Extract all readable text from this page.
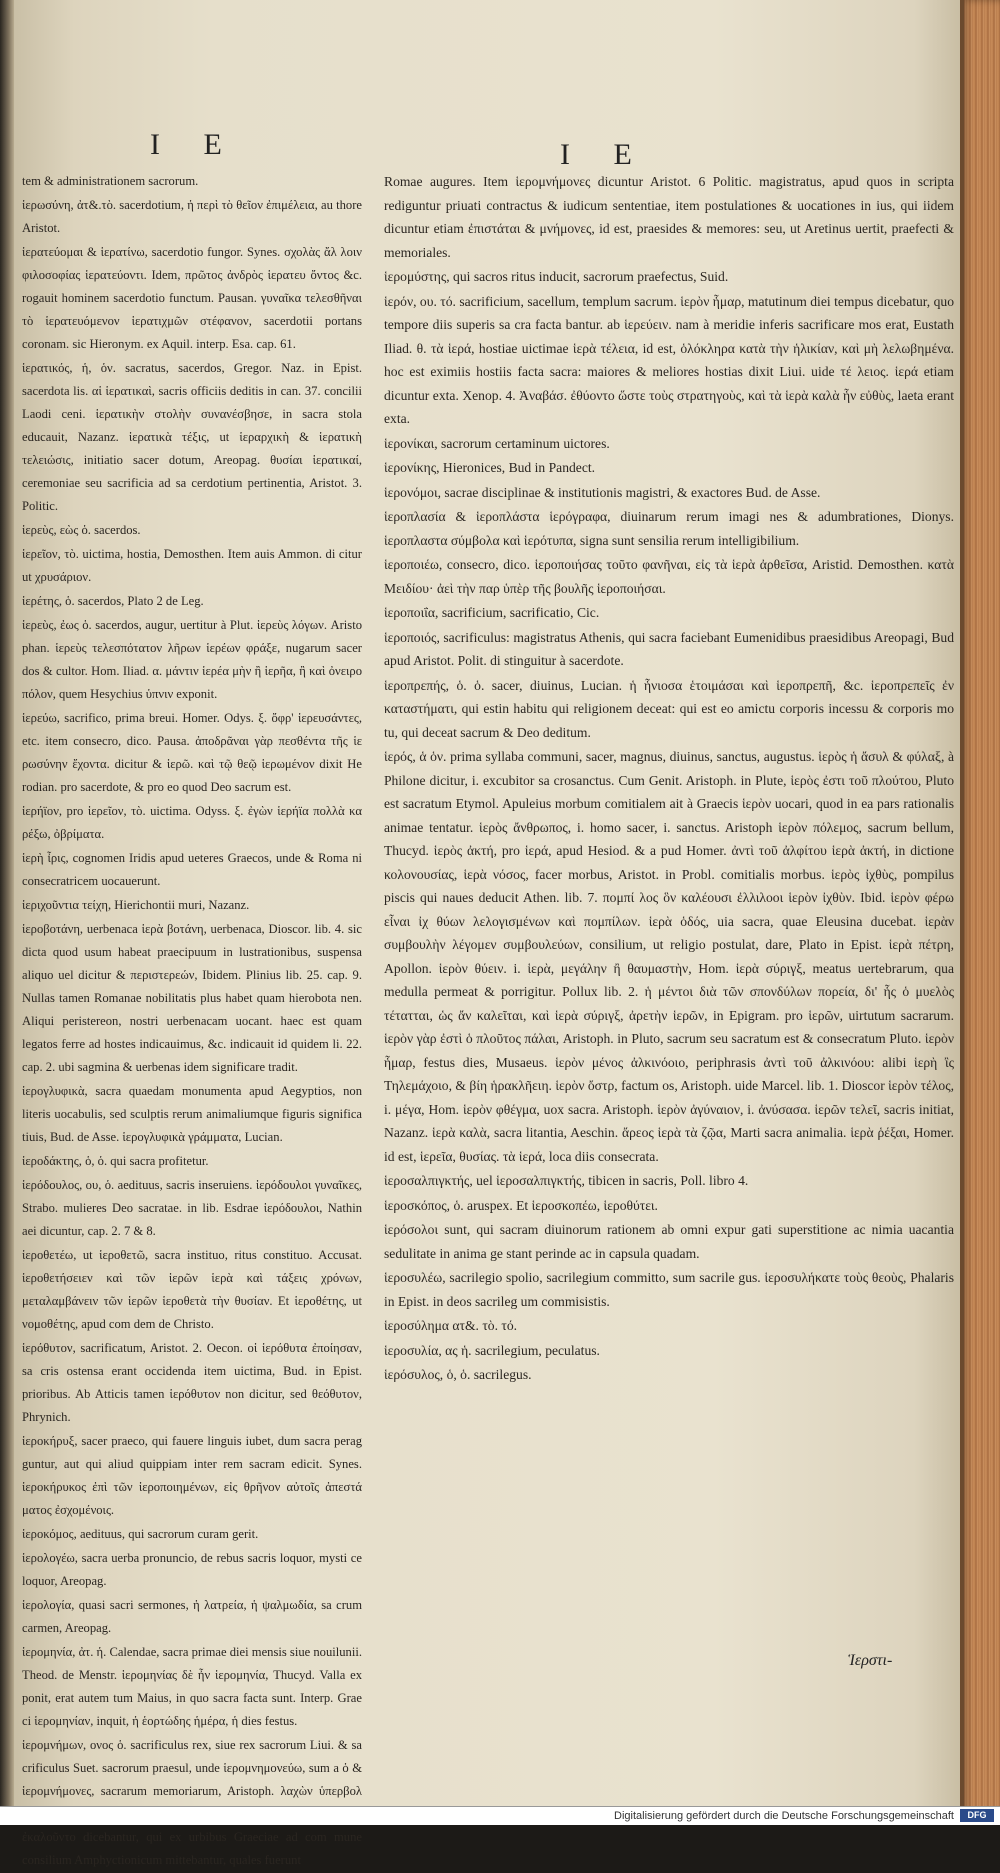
I E	I E
tem & administrationem sacrorum.
ἱερωσύνη, ἀτ&.τὸ. sacerdotium, ἡ περὶ τὸ θεῖον ἐπιμέλεια, au thore Aristot.
ἱερατεύομαι & ἱερατίνω, sacerdotio fungor. Synes. σχολὰς ἄλ λοιν φιλοσοφίας ἱερατεύοντι. Idem, πρῶτος ἀνδρὸς ἱερατευ ὄντος &c. rogauit hominem sacerdotio functum. Pausan. γυναῖκα τελεσθῆναι τὸ ἱερατευόμενον ἱερατιχμῶν στέφανον, sacerdotii portans coronam. sic Hieronym. ex Aquil. interp. Esa. cap. 61.
ἱερατικός, ἡ, ὁν. sacratus, sacerdos, Gregor. Naz. in Epist. sacerdota lis. αἱ ἱερατικαὶ, sacris officiis deditis in can. 37. concilii Laodi ceni. ἱερατικὴν στολὴν συνανέσβησε, in sacra stola educauit, Nazanz. ἱερατικὰ τέξις, ut ἱεραρχικὴ & ἱερατικὴ τελειώσις, initiatio sacer dotum, Areopag. θυσίαι ἱερατικαί, ceremoniae seu sacrificia ad sa cerdotium pertinentia, Aristot. 3. Politic.
ἱερεὺς, εὼς ὁ. sacerdos.
ἱερεῖον, τὸ. uictima, hostia, Demosthen. Item auis Ammon. di citur ut χρυσάριον.
ἱερέτης, ὁ. sacerdos, Plato 2 de Leg.
ἱερεὺς, ἐως ὁ. sacerdos, augur, uertitur à Plut. ἱερεὺς λόγων. Aristo phan. ἱερεὺς τελεσπότατον λῆρων ἱερέων φράξε, nugarum sacer dos & cultor. Hom. Iliad. α. μάντιν ἱερέα μὴν ἢ ἱερῆα, ἢ καὶ ὀνειρο πόλον, quem Hesychius ὑπνιν exponit.
ἱερεύω, sacrifico, prima breui. Homer. Odys. ξ. ὄφρ' ἱερευσάντες, etc. item consecro, dico. Pausa. ἀποδρᾶναι γὰρ πεσθέντα τῆς ἱε ρωσύνην ἔχοντα. dicitur & ἱερῶ. καὶ τῷ θεῷ ἱερωμένον dixit He rodian. pro sacerdote, & pro eo quod Deo sacrum est.
ἱερήϊον, pro ἱερεῖον, τὸ. uictima. Odyss. ξ. ἐγὼν ἱερήϊα πολλὰ κα ρέξω, ὀβρίματα.
ἱερὴ ἶρις, cognomen Iridis apud ueteres Graecos, unde & Roma ni consecratricem uocauerunt.
ἱεριχοῦντια τείχη, Hierichontii muri, Nazanz.
ἱερoβοτάνη, uerbenaca ἱερὰ βοτάνη, uerbenaca, Dioscor. lib. 4. sic dicta quod usum habeat praecipuum in lustrationibus, suspensa aliquo uel dicitur & περιστερεών, Ibidem. Plinius lib. 25. cap. 9. Nullas tamen Romanae nobilitatis plus habet quam hierobota nen. Aliqui peristereon, nostri uerbenacam uocant. haec est quam legatos ferre ad hostes indicauimus, &c. indicauit id quidem li. 22. cap. 2. ubi sagmina & uerbenas idem significare tradit.
ἱερογλυφικὰ, sacra quaedam monumenta apud Aegyptios, non literis uocabulis, sed sculptis rerum animaliumque figuris significa tiuis, Bud. de Asse. ἱερογλυφικὰ γράμματα, Lucian.
ἱεροδάκτης, ὁ, ὁ. qui sacra profitetur.
ἱερόδουλος, ου, ὁ. aedituus, sacris inseruiens. ἱερόδουλοι γυναῖκες, Strabo. mulieres Deo sacratae. in lib. Esdrae ἱερόδουλοι, Nathin aei dicuntur, cap. 2. 7 & 8.
ἱεροθετέω, ut ἱεροθετῶ, sacra instituo, ritus constituo. Accusat. ἱεροθετήσειεν καὶ τῶν ἱερῶν ἱερὰ καὶ τάξεις χρόνων, μεταλαμβάνειν τῶν ἱερῶν ἱεροθετὰ τὴν θυσίαν. Et ἱεροθέτης, ut νομοθέτης, apud com dem de Christo.
ἱερόθυτον, sacrificatum, Aristot. 2. Oecon. οἱ ἱερόθυτα ἐποίησαν, sa cris ostensa erant occidenda item uictima, Bud. in Epist. prioribus. Ab Atticis tamen ἱερόθυτον non dicitur, sed θεόθυτον, Phrynich.
ἱεροκήρυξ, sacer praeco, qui fauere linguis iubet, dum sacra perag guntur, aut qui aliud quippiam inter rem sacram edicit. Synes. ἱεροκήρυκος ἐπὶ τῶν ἱεροποιημένων, εἰς θρῆνον αὐτοῖς ἀπεστά ματος ἐσχομένοις.
ἱεροκόμος, aedituus, qui sacrorum curam gerit.
ἱερολογέω, sacra uerba pronuncio, de rebus sacris loquor, mysti ce loquor, Areopag.
ἱερολογία, quasi sacri sermones, ἡ λατρεία, ἡ ψαλμωδία, sa crum carmen, Areopag.
ἱερομηνία, ἀτ. ἡ. Calendae, sacra primae diei mensis siue nouilunii. Theod. de Menstr. ἱερομηνίας δὲ ἦν ἱερομηνία, Thucyd. Valla ex ponit, erat autem tum Maius, in quo sacra facta sunt. Interp. Grae ci ἱερομηνίαν, inquit, ἡ ἑορτώδης ἡμέρα, ἡ dies festus.
ἱερομνήμων, ονος ὁ. sacrificulus rex, siue rex sacrorum Liui. & sa crificulus Suet. sacrorum praesul, unde ἱερομνημονεύω, sum a ὁ & ἱερομνήμονες, sacrarum memoriarum, Aristoph. λαχὼν ὑπερβολ ἐκαλοῦντο dicebantur, qui ex urbibus Graeciae ad com mune consilium Amphyctionicum mittebantur, quales fuerunt
Romae augures. Item ἱερομνήμονες dicuntur Aristot. 6 Politic. magistratus, apud quos in scripta rediguntur priuati contractus & iudicum sententiae, item postulationes & uocationes in ius, qui iidem dicuntur etiam ἐπιστάται & μνήμονες, id est, praesides & memores: seu, ut Aretinus uertit, praefecti & memoriales.
ἱερομύστης, qui sacros ritus inducit, sacrorum praefectus, Suid.
ἱερόν, ου. τό. sacrificium, sacellum, templum sacrum. ἱερὸν ἦμαρ, matutinum diei tempus dicebatur, quo tempore diis superis sa cra facta bantur. ab ἱερεύειν. nam à meridie inferis sacrificare mos erat, Eustath Iliad. θ. τὰ ἱερά, hostiae uictimae ἱερὰ τέλεια, id est, ὁλόκληρα κατὰ τὴν ἡλικίαν, καὶ μὴ λελωβημένα. hoc est eximiis hostiis facta sacra: maiores & meliores hostias dixit Liui. uide τέ λειος. ἱερά etiam dicuntur exta. Xenop. 4. Ἀναβάσ. ἐθύοντο ὥστε τοὺς στρατηγοὺς, καὶ τὰ ἱερὰ καλὰ ἦν εὐθὺς, laeta erant exta.
ἱερονίκαι, sacrorum certaminum uictores.
ἱερονίκης, Hieronices, Bud in Pandect.
ἱερονόμοι, sacrae disciplinae & institutionis magistri, & exactores Bud. de Asse.
ἱεροπλασία & ἱεροπλάστα ἱερόγραφα, diuinarum rerum imagi nes & adumbrationes, Dionys. ἱεροπλαστα σύμβολα καὶ ἱερότυπα, signa sunt sensilia rerum intelligibilium.
ἱεροποιέω, consecro, dico. ἱεροποιήσας τοῦτο φανῆναι, εἰς τὰ ἱερὰ ἀρθεῖσα, Aristid. Demosthen. κατὰ Μειδίου· ἀεὶ τὴν παρ ὑπὲρ τῆς βουλῆς ἱεροποιήσαι.
ἱεροποιΐα, sacrificium, sacrificatio, Cic.
ἱεροποιός, sacrificulus: magistratus Athenis, qui sacra faciebant Eumenidibus praesidibus Areopagi, Bud apud Aristot. Polit. di stinguitur à sacerdote.
ἱεροπρεπής, ὁ. ὁ. sacer, diuinus, Lucian. ἡ ἧνιοσα ἑτοιμάσαι καὶ ἱεροπρεπῆ, &c. ἱεροπρεπεῖς ἐν καταστήματι, qui estin habitu qui religionem deceat: qui est eo amictu corporis incessu & corporis mo tu, qui deceat sacrum & Deo deditum.
ἱερός, ἁ ὁν. prima syllaba communi, sacer, magnus, diuinus, sanctus, augustus. ἱερὸς ἡ ἄσυλ & φύλαξ, à Philone dicitur, i. excubitor sa crosanctus. Cum Genit. Aristoph. in Plute, ἱερὸς ἐστι τοῦ πλούτου, Pluto est sacratum Etymol. Apuleius morbum comitialem ait à Graecis ἱερὸν uocari, quod in ea pars rationalis animae tentatur. ἱερὸς ἄνθρωπος, i. homo sacer, i. sanctus. Aristoph ἱερὸν πόλεμος, sacrum bellum, Thucyd. ἱερὸς ἀκτή, pro ἱερά, apud Hesiod. & a pud Homer. ἀντὶ τοῦ ἀλφίτου ἱερὰ ἀκτή, in dictione κολονουσίας, ἱερὰ νόσος, facer morbus, Aristot. in Probl. comitialis morbus. ἱερὸς ἰχθὺς, pompilus piscis qui naues deducit Athen. lib. 7. πομπί λος ὃν καλέουσι ἐλλιλοοι ἱερὸν ἰχθὺν. Ibid. ἱερὸν φέρω εἶναι ἰχ θύων λελογισμένων καὶ πομπίλων. ἱερὰ ὁδός, uia sacra, quae Eleusina ducebat. ἱερὰν συμβουλὴν λέγομεν συμβουλεύων, consilium, ut religio postulat, dare, Plato in Epist. ἱερὰ πέτρη, Apollon. ἱερὸν θύειν. i. ἱερὰ, μεγάλην ἢ θαυμαστὴν, Hom. ἱερὰ σύριγξ, meatus uertebrarum, qua medulla permeat & porrigitur. Pollux lib. 2. ἡ μέντοι διὰ τῶν σπονδύλων πορεία, δι' ἧς ὁ μυελὸς τέτατται, ὡς ἄν καλεῖται, καὶ ἱερὰ σύριγξ, ἀρετὴν ἱερῶν, in Epigram. pro ἱερῶν, uirtutum sacrarum. ἱερὸν γὰρ ἐστὶ ὁ πλοῦτος πάλαι, Aristoph. in Pluto, sacrum seu sacratum est & consecratum Pluto. ἱερὸν ἦμαρ, festus dies, Musaeus. ἱερὸν μένος ἀλκινόοιο, periphrasis ἀντὶ τοῦ ἀλκινόου: alibi ἱερὴ ἲς Τηλεμάχοιο, & βίη ἡρακλῆειη. ἱερὸν ὄστρ, factum os, Aristoph. uide Marcel. lib. 1. Dioscor ἱερὸν τέλος, i. μέγα, Hom. ἱερὸν φθέγμα, uox sacra. Aristoph. ἱερὸν ἀγύναιον, i. ἀνύσασα. ἱερῶν τελεῖ, sacris initiat, Nazanz. ἱερὰ καλὰ, sacra litantia, Aeschin. ἄρεος ἱερὰ τὰ ζῷα, Marti sacra animalia. ἱερὰ ῥέξαι, Homer. id est, ἱερεῖα, θυσίας. τὰ ἱερά, loca diis consecrata.
ἱεροσαλπιγκτής, uel ἱεροσαλπιγκτής, tibicen in sacris, Poll. libro 4.
ἱεροσκόπος, ὁ. aruspex. Et ἱεροσκοπέω, ἱεροθύτει.
ἱερόσολοι sunt, qui sacram diuinorum rationem ab omni expur gati superstitione ac nimia uacantia sedulitate in anima ge stant perinde ac in capsula quadam.
ἱεροσυλέω, sacrilegio spolio, sacrilegium committo, sum sacrile gus. ἱεροσυλήκατε τοὺς θεοὺς, Phalaris in Epist. in deos sacrileg um commisistis.
ἱεροσύλημα ατ&. τὸ. τό.
ἱεροσυλία, ας ἡ. sacrilegium, peculatus.
ἱερόσυλος, ὁ, ὁ. sacrilegus.
Ἱερστι-
Digitalisierung gefördert durch die Deutsche Forschungsgemeinschaft	DFG
